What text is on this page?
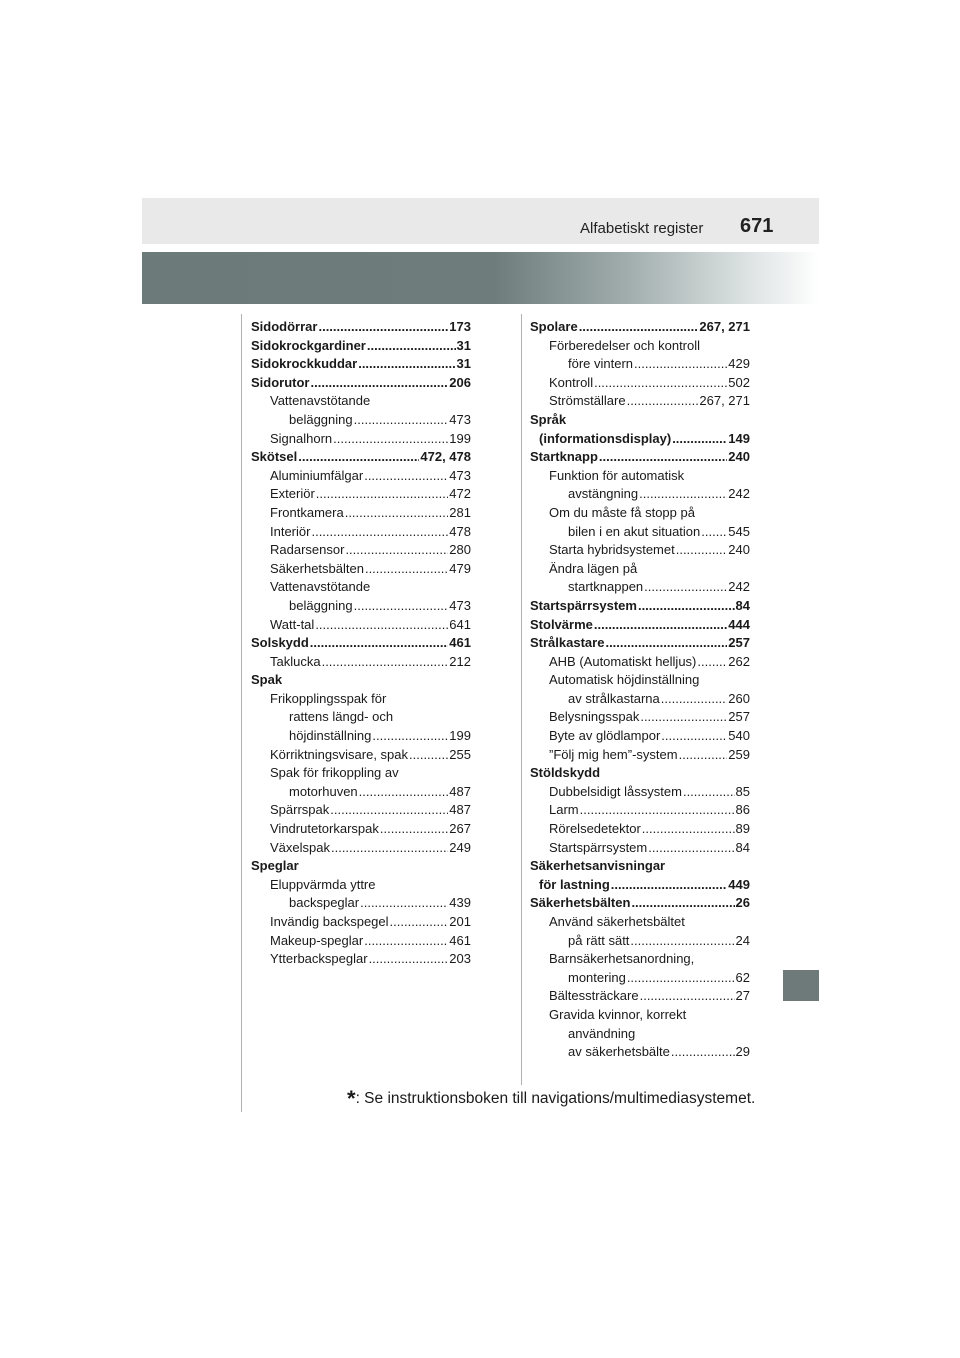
Alfabetiskt register 671
Sidodörrar .....	173
Sidokrockgardiner .....	31
Sidokrockkuddar .....	31
Sidorutor .....	206
Vattenavstötande
beläggning .....	473
Signalhorn .....	199
Skötsel .....	472, 478
Aluminiumfälgar .....	473
Exteriör .....	472
Frontkamera .....	281
Interiör .....	478
Radarsensor .....	280
Säkerhetsbälten .....	479
Vattenavstötande
beläggning .....	473
Watt-tal .....	641
Solskydd .....	461
Taklucka .....	212
Spak
Frikopplingsspak för
rattens längd- och
höjdinställning .....	199
Körriktningsvisare, spak .....	255
Spak för frikoppling av
motorhuven .....	487
Spärrspak .....	487
Vindrutetorkarspak .....	267
Växelspak .....	249
Speglar
Eluppvärmda yttre
backspeglar .....	439
Invändig backspegel .....	201
Makeup-speglar .....	461
Ytterbackspeglar .....	203
Spolare .....	267, 271
Förberedelser och kontroll
före vintern .....	429
Kontroll .....	502
Strömställare .....	267, 271
Språk
(informationsdisplay) .....	149
Startknapp .....	240
Funktion för automatisk
avstängning .....	242
Om du måste få stopp på
bilen i en akut situation ..... 545
Starta hybridsystemet .....	240
Ändra lägen på
startknappen .....	242
Startspärrsystem .....	84
Stolvärme .....	444
Strålkastare .....	257
AHB (Automatiskt helljus) ..... 262
Automatisk höjdinställning
av strålkastarna .....	260
Belysningsspak .....	257
Byte av glödlampor .....	540
”Följ mig hem”-system .....	259
Stöldskydd
Dubbelsidigt låssystem .....	85
Larm .....	86
Rörelsedetektor .....	89
Startspärrsystem .....	84
Säkerhetsanvisningar
för lastning .....	449
Säkerhetsbälten .....	26
Använd säkerhetsbältet
på rätt sätt .....	24
Barnsäkerhetsanordning,
montering .....	62
Bältessträckare .....	27
Gravida kvinnor, korrekt
användning
av säkerhetsbälte .....	29
*: Se instruktionsboken till navigations/multimediasystemet.
